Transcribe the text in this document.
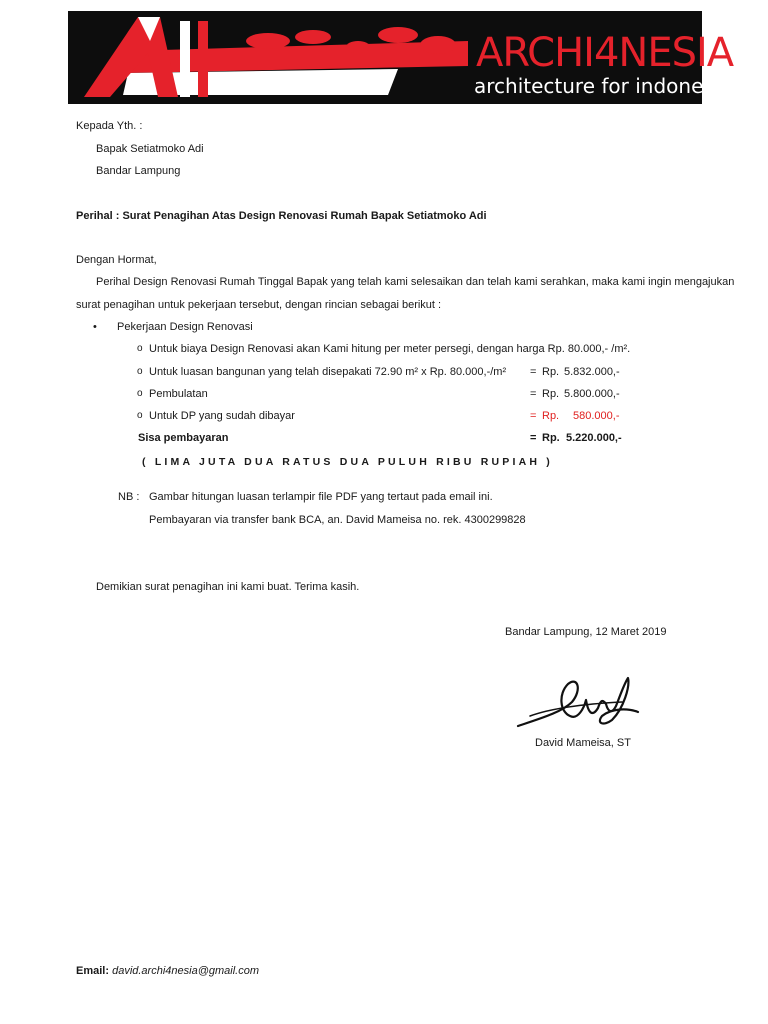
ARCHI4NESIA
architecture for indonesia
Kepada Yth. :
Bapak Setiatmoko Adi
Bandar Lampung
Perihal : Surat Penagihan Atas Design Renovasi Rumah Bapak Setiatmoko Adi
Dengan Hormat,
Perihal Design Renovasi Rumah Tinggal Bapak yang telah kami selesaikan dan telah kami serahkan, maka kami ingin mengajukan
surat penagihan untuk pekerjaan tersebut, dengan rincian sebagai berikut :
• Pekerjaan Design Renovasi
o Untuk biaya Design Renovasi akan Kami hitung per meter persegi, dengan harga Rp. 80.000,- /m².
o Untuk luasan bangunan yang telah disepakati 72.90 m² x Rp. 80.000,-/m² = Rp. 5.832.000,-
o Pembulatan	= Rp. 5.800.000,-
o Untuk DP yang sudah dibayar	= Rp. 580.000,-
Sisa pembayaran	= Rp. 5.220.000,-
( LIMA JUTA DUA RATUS DUA PULUH RIBU RUPIAH )
NB : Gambar hitungan luasan terlampir file PDF yang tertaut pada email ini.
Pembayaran via transfer bank BCA, an. David Mameisa no. rek. 4300299828
Demikian surat penagihan ini kami buat. Terima kasih.
Bandar Lampung, 12 Maret 2019
David Mameisa, ST
Email: david.archi4nesia@gmail.com
